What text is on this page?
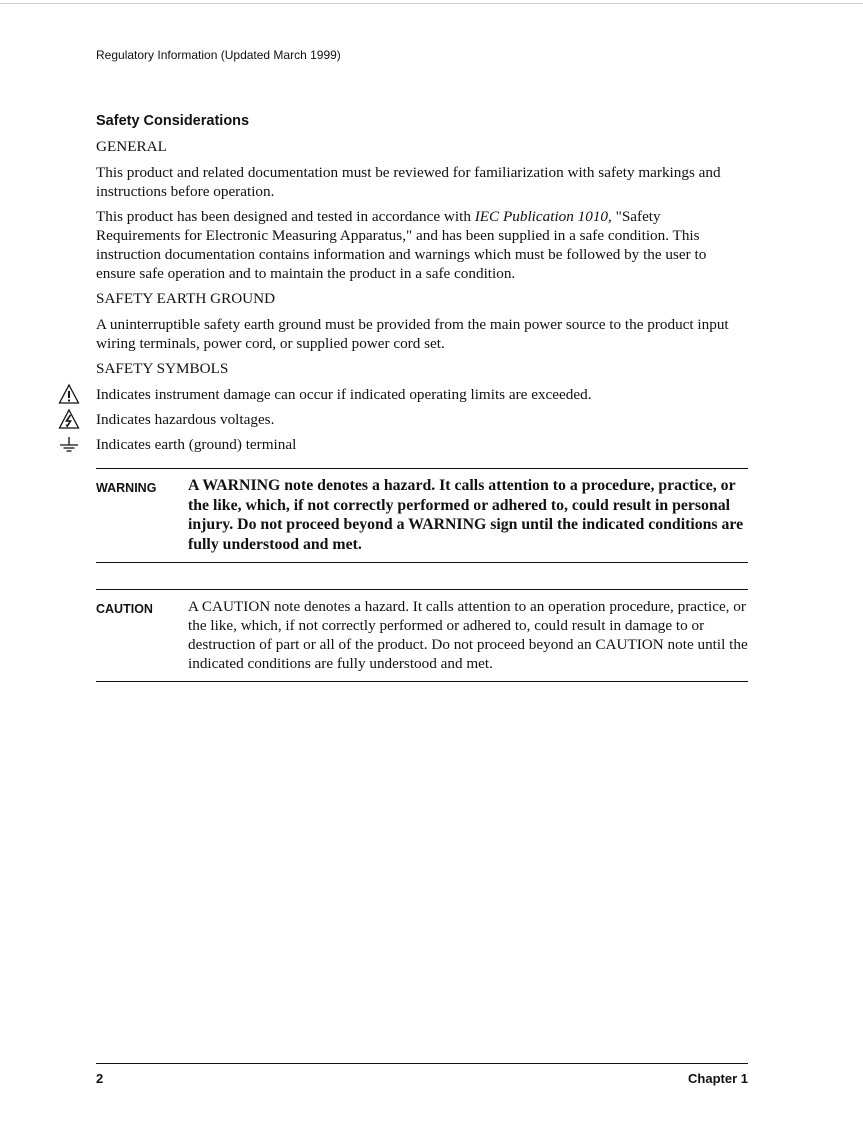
Regulatory Information (Updated March 1999)
Safety Considerations
GENERAL

This product and related documentation must be reviewed for familiarization with safety markings and instructions before operation.

This product has been designed and tested in accordance with IEC Publication 1010, "Safety Requirements for Electronic Measuring Apparatus," and has been supplied in a safe condition. This instruction documentation contains information and warnings which must be followed by the user to ensure safe operation and to maintain the product in a safe condition.

SAFETY EARTH GROUND

A uninterruptible safety earth ground must be provided from the main power source to the product input wiring terminals, power cord, or supplied power cord set.

SAFETY SYMBOLS
Indicates instrument damage can occur if indicated operating limits are exceeded.
Indicates hazardous voltages.
Indicates earth (ground) terminal
WARNING	A WARNING note denotes a hazard. It calls attention to a procedure, practice, or the like, which, if not correctly performed or adhered to, could result in personal injury. Do not proceed beyond a WARNING sign until the indicated conditions are fully understood and met.
CAUTION	A CAUTION note denotes a hazard. It calls attention to an operation procedure, practice, or the like, which, if not correctly performed or adhered to, could result in damage to or destruction of part or all of the product. Do not proceed beyond an CAUTION note until the indicated conditions are fully understood and met.
2	Chapter 1
